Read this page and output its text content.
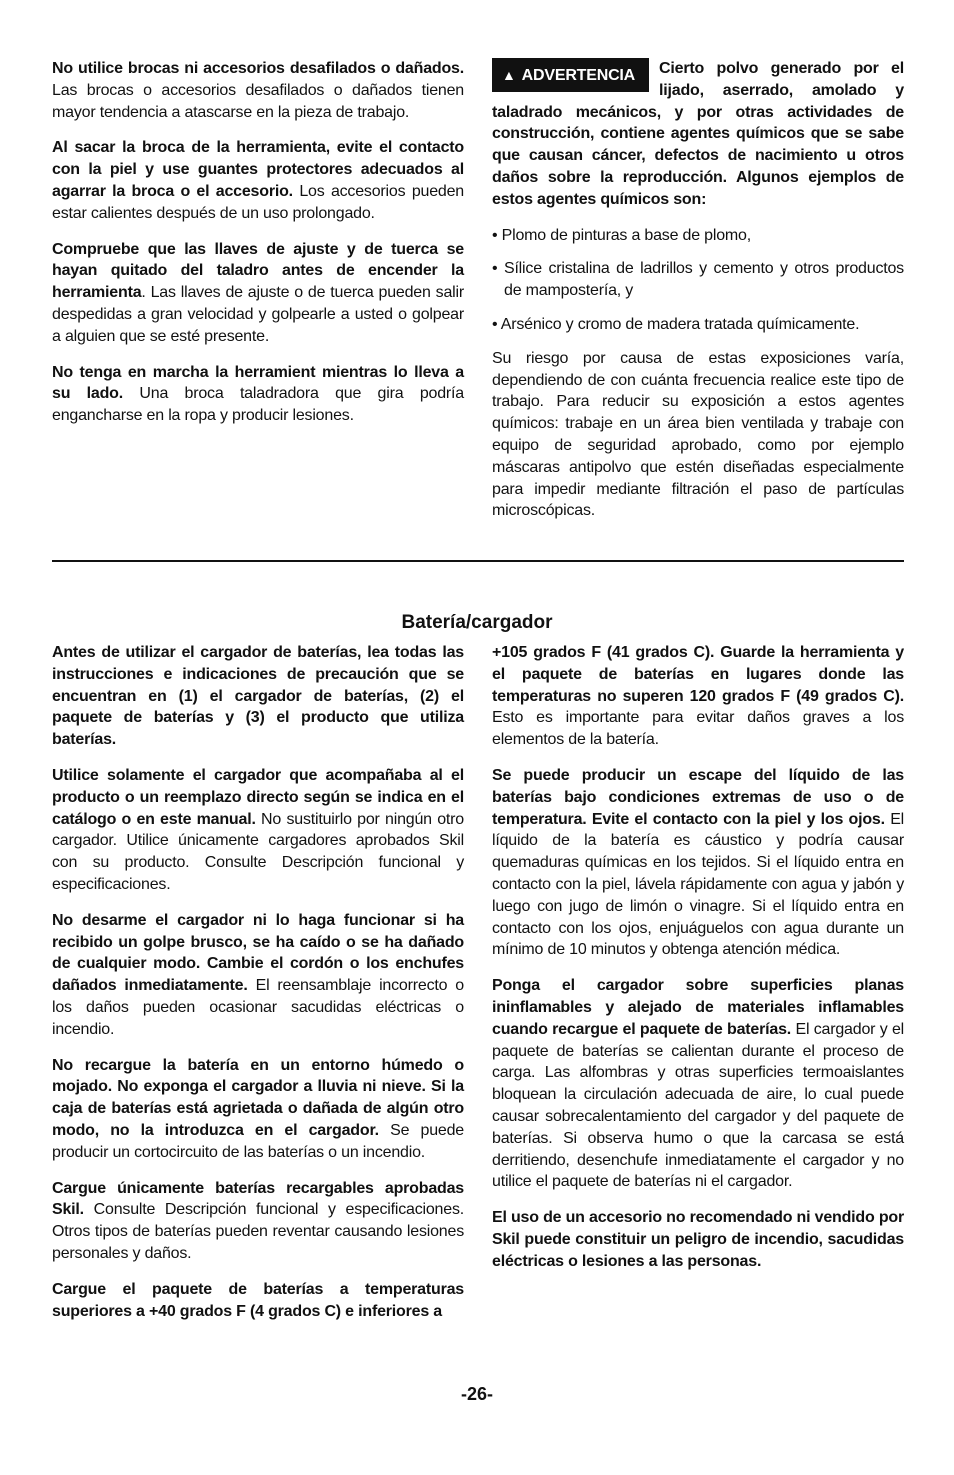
No utilice brocas ni accesorios desafilados o dañados. Las brocas o accesorios desafilados o dañados tienen mayor tendencia a atascarse en la pieza de trabajo.

Al sacar la broca de la herramienta, evite el contacto con la piel y use guantes protectores adecuados al agarrar la broca o el accesorio. Los accesorios pueden estar calientes después de un uso prolongado.

Compruebe que las llaves de ajuste y de tuerca se hayan quitado del taladro antes de encender la herramienta. Las llaves de ajuste o de tuerca pueden salir despedidas a gran velocidad y golpearle a usted o golpear a alguien que se esté presente.

No tenga en marcha la herramient mientras lo lleva a su lado. Una broca taladradora que gira podría engancharse en la ropa y producir lesiones.

▲ ADVERTENCIA	Cierto polvo generado por el lijado, aserrado, amolado y taladrado mecánicos, y por otras actividades de construcción, contiene agentes químicos que se sabe que causan cáncer, defectos de nacimiento u otros daños sobre la reproducción. Algunos ejemplos de estos agentes químicos son:

• Plomo de pinturas a base de plomo,

• Sílice cristalina de ladrillos y cemento y otros productos de mampostería, y

• Arsénico y cromo de madera tratada químicamente.

Su riesgo por causa de estas exposiciones varía, dependiendo de con cuánta frecuencia realice este tipo de trabajo. Para reducir su exposición a estos agentes químicos: trabaje en un área bien ventilada y trabaje con equipo de seguridad aprobado, como por ejemplo máscaras antipolvo que estén diseñadas especialmente para impedir mediante filtración el paso de partículas microscópicas.

Batería/cargador

Antes de utilizar el cargador de baterías, lea todas las instrucciones e indicaciones de precaución que se encuentran en (1) el cargador de baterías, (2) el paquete de baterías y (3) el producto que utiliza baterías.

Utilice solamente el cargador que acompañaba al el producto o un reemplazo directo según se indica en el catálogo o en este manual. No sustituirlo por ningún otro cargador. Utilice únicamente cargadores aprobados Skil con su producto. Consulte Descripción funcional y especificaciones.

No desarme el cargador ni lo haga funcionar si ha recibido un golpe brusco, se ha caído o se ha dañado de cualquier modo. Cambie el cordón o los enchufes dañados inmediatamente. El reensamblaje incorrecto o los daños pueden ocasionar sacudidas eléctricas o incendio.

No recargue la batería en un entorno húmedo o mojado. No exponga el cargador a lluvia ni nieve. Si la caja de baterías está agrietada o dañada de algún otro modo, no la introduzca en el cargador. Se puede producir un cortocircuito de las baterías o un incendio.

Cargue únicamente baterías recargables aprobadas Skil. Consulte Descripción funcional y especificaciones. Otros tipos de baterías pueden reventar causando lesiones personales y daños.

Cargue el paquete de baterías a temperaturas superiores a +40 grados F (4 grados C) e inferiores a

+105 grados F (41 grados C). Guarde la herramienta y el paquete de baterías en lugares donde las temperaturas no superen 120 grados F (49 grados C). Esto es importante para evitar daños graves a los elementos de la batería.

Se puede producir un escape del líquido de las baterías bajo condiciones extremas de uso o de temperatura. Evite el contacto con la piel y los ojos. El líquido de la batería es cáustico y podría causar quemaduras químicas en los tejidos. Si el líquido entra en contacto con la piel, lávela rápidamente con agua y jabón y luego con jugo de limón o vinagre. Si el líquido entra en contacto con los ojos, enjuáguelos con agua durante un mínimo de 10 minutos y obtenga atención médica.

Ponga el cargador sobre superficies planas ininflamables y alejado de materiales inflamables cuando recargue el paquete de baterías. El cargador y el paquete de baterías se calientan durante el proceso de carga. Las alfombras y otras superficies termoaislantes bloquean la circulación adecuada de aire, lo cual puede causar sobrecalentamiento del cargador y del paquete de baterías. Si observa humo o que la carcasa se está derritiendo, desenchufe inmediatamente el cargador y no utilice el paquete de baterías ni el cargador.

El uso de un accesorio no recomendado ni vendido por Skil puede constituir un peligro de incendio, sacudidas eléctricas o lesiones a las personas.

-26-
